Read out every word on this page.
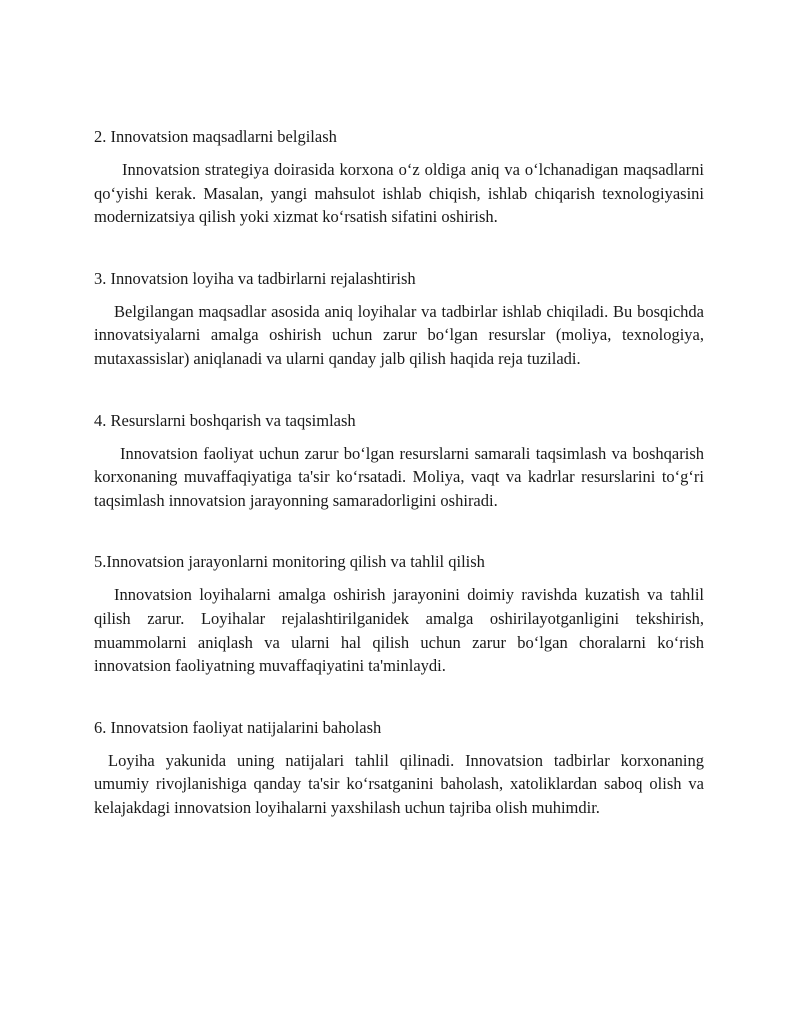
2. Innovatsion maqsadlarni belgilash

Innovatsion strategiya doirasida korxona o‘z oldiga aniq va o‘lchanadigan maqsadlarni qo‘yishi kerak. Masalan, yangi mahsulot ishlab chiqish, ishlab chiqarish texnologiyasini modernizatsiya qilish yoki xizmat ko‘rsatish sifatini oshirish.

3. Innovatsion loyiha va tadbirlarni rejalashtirish

Belgilangan maqsadlar asosida aniq loyihalar va tadbirlar ishlab chiqiladi. Bu bosqichda innovatsiyalarni amalga oshirish uchun zarur bo‘lgan resurslar (moliya, texnologiya, mutaxassislar) aniqlanadi va ularni qanday jalb qilish haqida reja tuziladi.

4. Resurslarni boshqarish va taqsimlash

Innovatsion faoliyat uchun zarur bo‘lgan resurslarni samarali taqsimlash va boshqarish korxonaning muvaffaqiyatiga ta'sir ko‘rsatadi. Moliya, vaqt va kadrlar resurslarini to‘g‘ri taqsimlash innovatsion jarayonning samaradorligini oshiradi.

5.Innovatsion jarayonlarni monitoring qilish va tahlil qilish

Innovatsion loyihalarni amalga oshirish jarayonini doimiy ravishda kuzatish va tahlil qilish zarur. Loyihalar rejalashtirilganidek amalga oshirilayotganligini tekshirish, muammolarni aniqlash va ularni hal qilish uchun zarur bo‘lgan choralarni ko‘rish innovatsion faoliyatning muvaffaqiyatini ta'minlaydi.

6. Innovatsion faoliyat natijalarini baholash

Loyiha yakunida uning natijalari tahlil qilinadi. Innovatsion tadbirlar korxonaning umumiy rivojlanishiga qanday ta'sir ko‘rsatganini baholash, xatoliklardan saboq olish va kelajakdagi innovatsion loyihalarni yaxshilash uchun tajriba olish muhimdir.
